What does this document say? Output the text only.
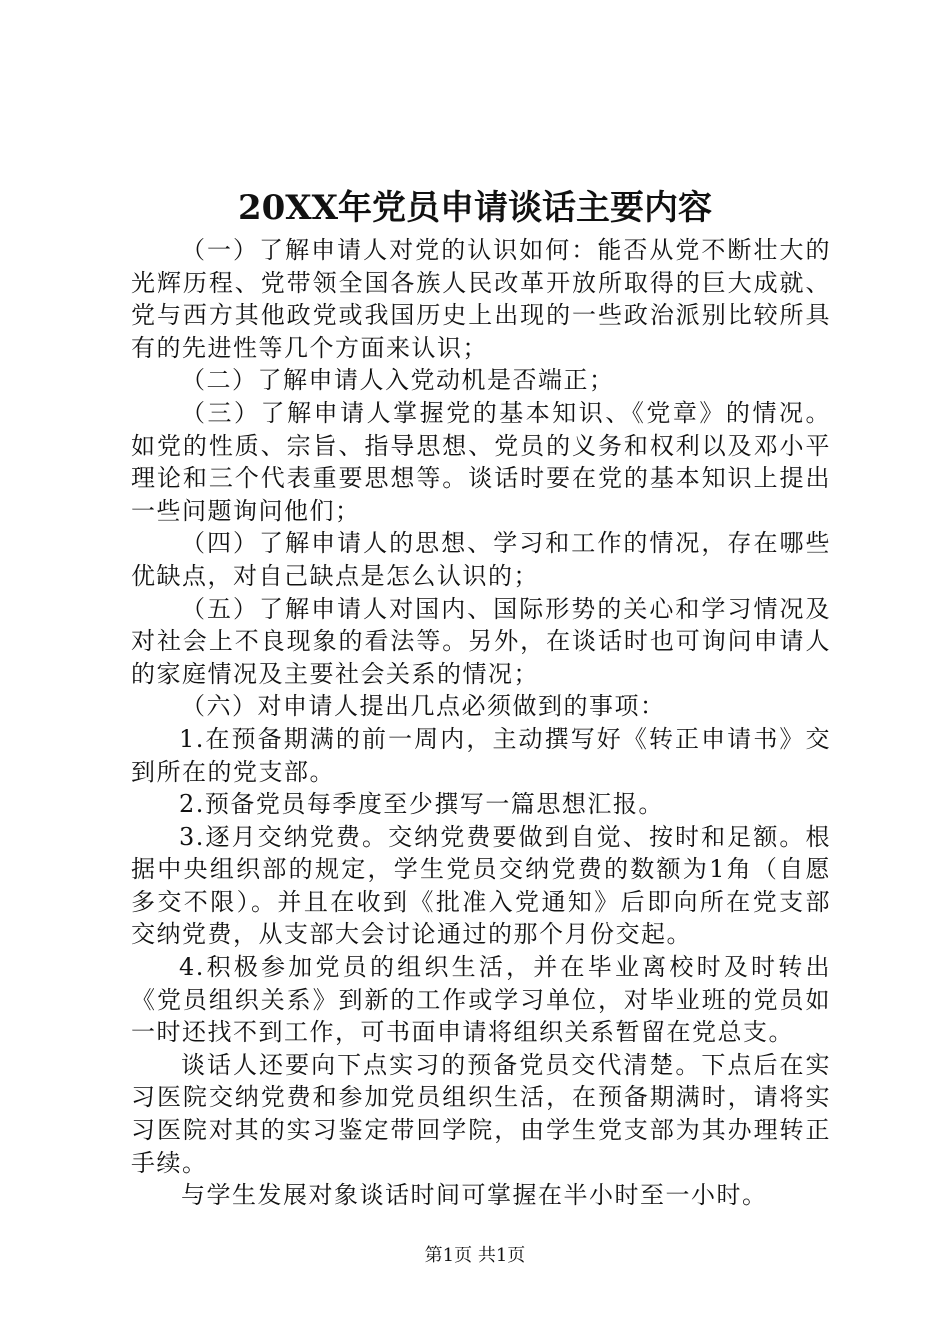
20XX年党员申请谈话主要内容

（一）了解申请人对党的认识如何：能否从党不断壮大的光辉历程、党带领全国各族人民改革开放所取得的巨大成就、党与西方其他政党或我国历史上出现的一些政治派别比较所具有的先进性等几个方面来认识；

（二）了解申请人入党动机是否端正；

（三）了解申请人掌握党的基本知识、《党章》的情况。如党的性质、宗旨、指导思想、党员的义务和权利以及邓小平理论和三个代表重要思想等。谈话时要在党的基本知识上提出一些问题询问他们；

（四）了解申请人的思想、学习和工作的情况，存在哪些优缺点，对自己缺点是怎么认识的；

（五）了解申请人对国内、国际形势的关心和学习情况及对社会上不良现象的看法等。另外，在谈话时也可询问申请人的家庭情况及主要社会关系的情况；

（六）对申请人提出几点必须做到的事项：

1.在预备期满的前一周内，主动撰写好《转正申请书》交到所在的党支部。

2.预备党员每季度至少撰写一篇思想汇报。

3.逐月交纳党费。交纳党费要做到自觉、按时和足额。根据中央组织部的规定，学生党员交纳党费的数额为1角（自愿多交不限）。并且在收到《批准入党通知》后即向所在党支部交纳党费，从支部大会讨论通过的那个月份交起。

4.积极参加党员的组织生活，并在毕业离校时及时转出《党员组织关系》到新的工作或学习单位，对毕业班的党员如一时还找不到工作，可书面申请将组织关系暂留在党总支。

谈话人还要向下点实习的预备党员交代清楚。下点后在实习医院交纳党费和参加党员组织生活，在预备期满时，请将实习医院对其的实习鉴定带回学院，由学生党支部为其办理转正手续。

与学生发展对象谈话时间可掌握在半小时至一小时。

第1页 共1页
